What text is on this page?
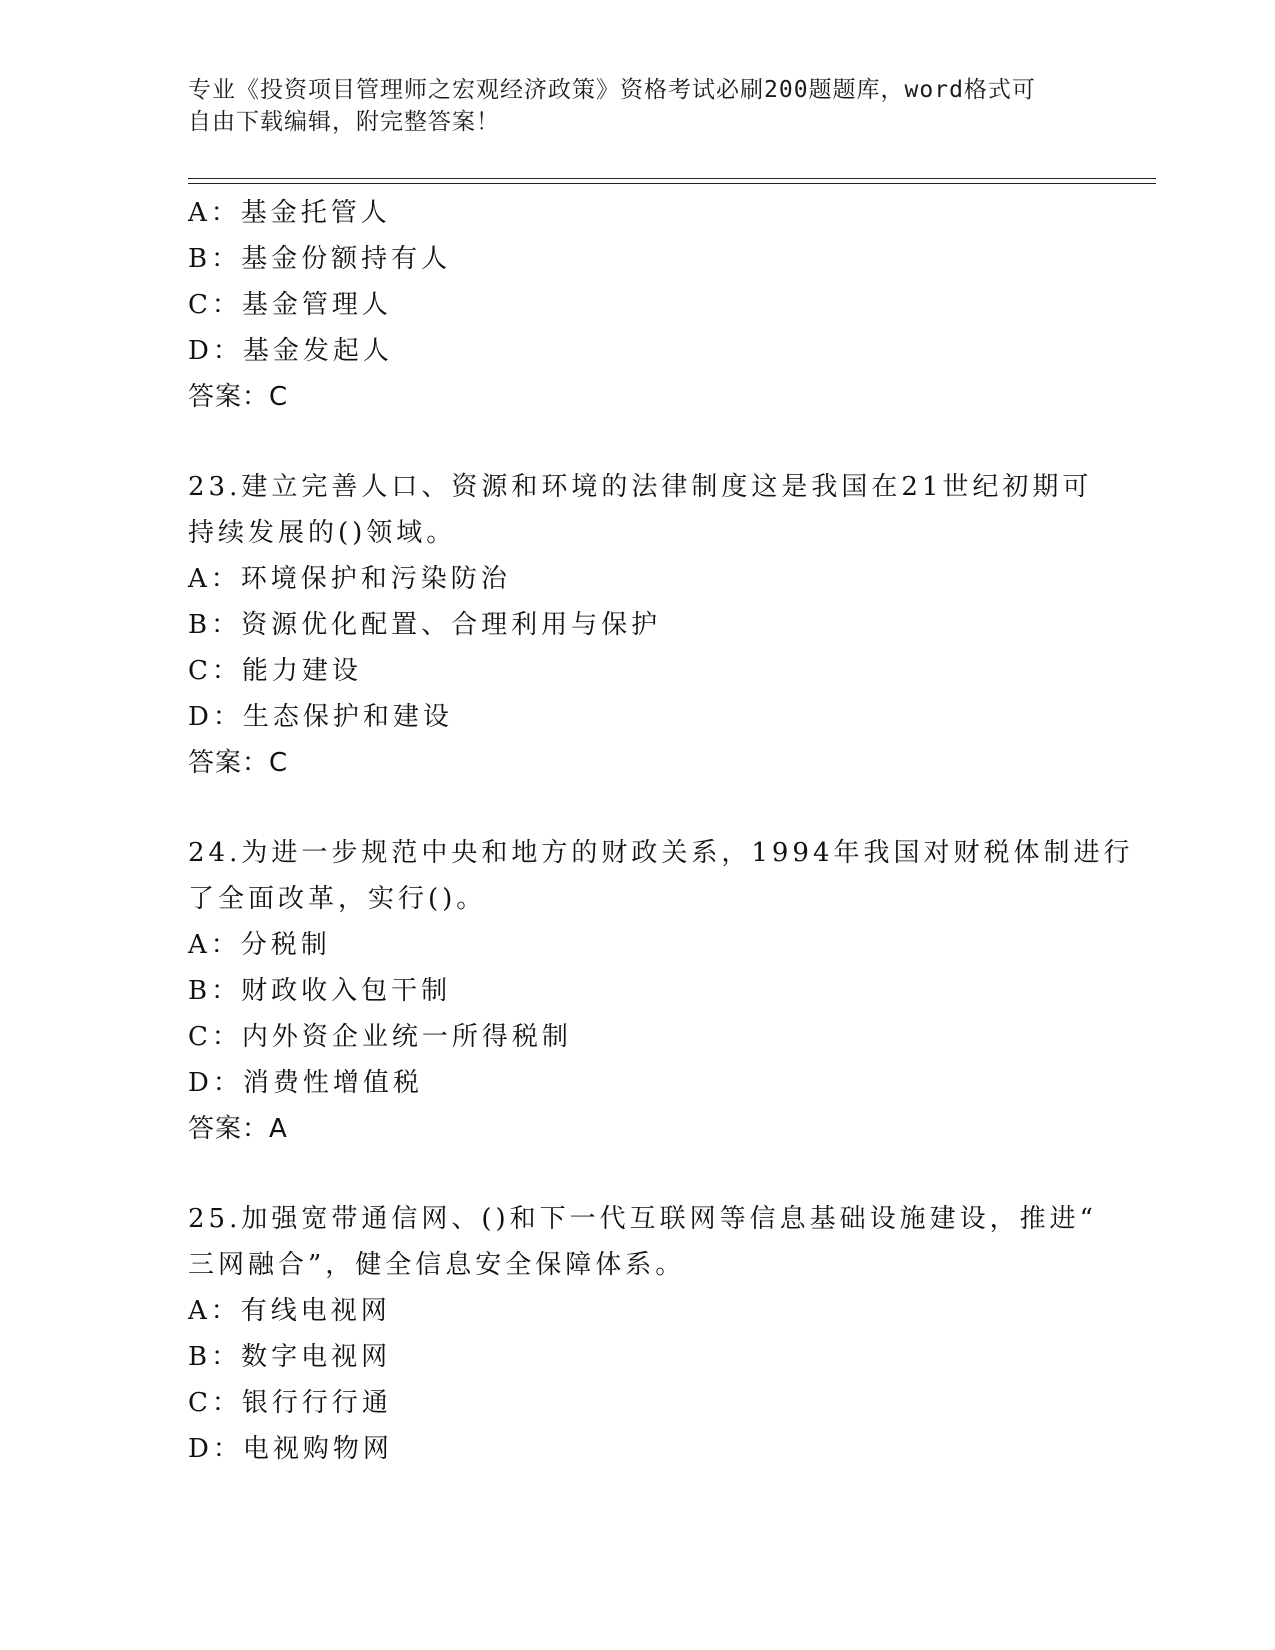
专业《投资项目管理师之宏观经济政策》资格考试必刷200题题库，word格式可
自由下载编辑，附完整答案！
A：基金托管人
B：基金份额持有人
C：基金管理人
D：基金发起人
答案：C
23.建立完善人口、资源和环境的法律制度这是我国在21世纪初期可
持续发展的()领域。
A：环境保护和污染防治
B：资源优化配置、合理利用与保护
C：能力建设
D：生态保护和建设
答案：C
24.为进一步规范中央和地方的财政关系，1994年我国对财税体制进行
了全面改革，实行()。
A：分税制
B：财政收入包干制
C：内外资企业统一所得税制
D：消费性增值税
答案：A
25.加强宽带通信网、()和下一代互联网等信息基础设施建设，推进“
三网融合”，健全信息安全保障体系。
A：有线电视网
B：数字电视网
C：银行行行通
D：电视购物网
